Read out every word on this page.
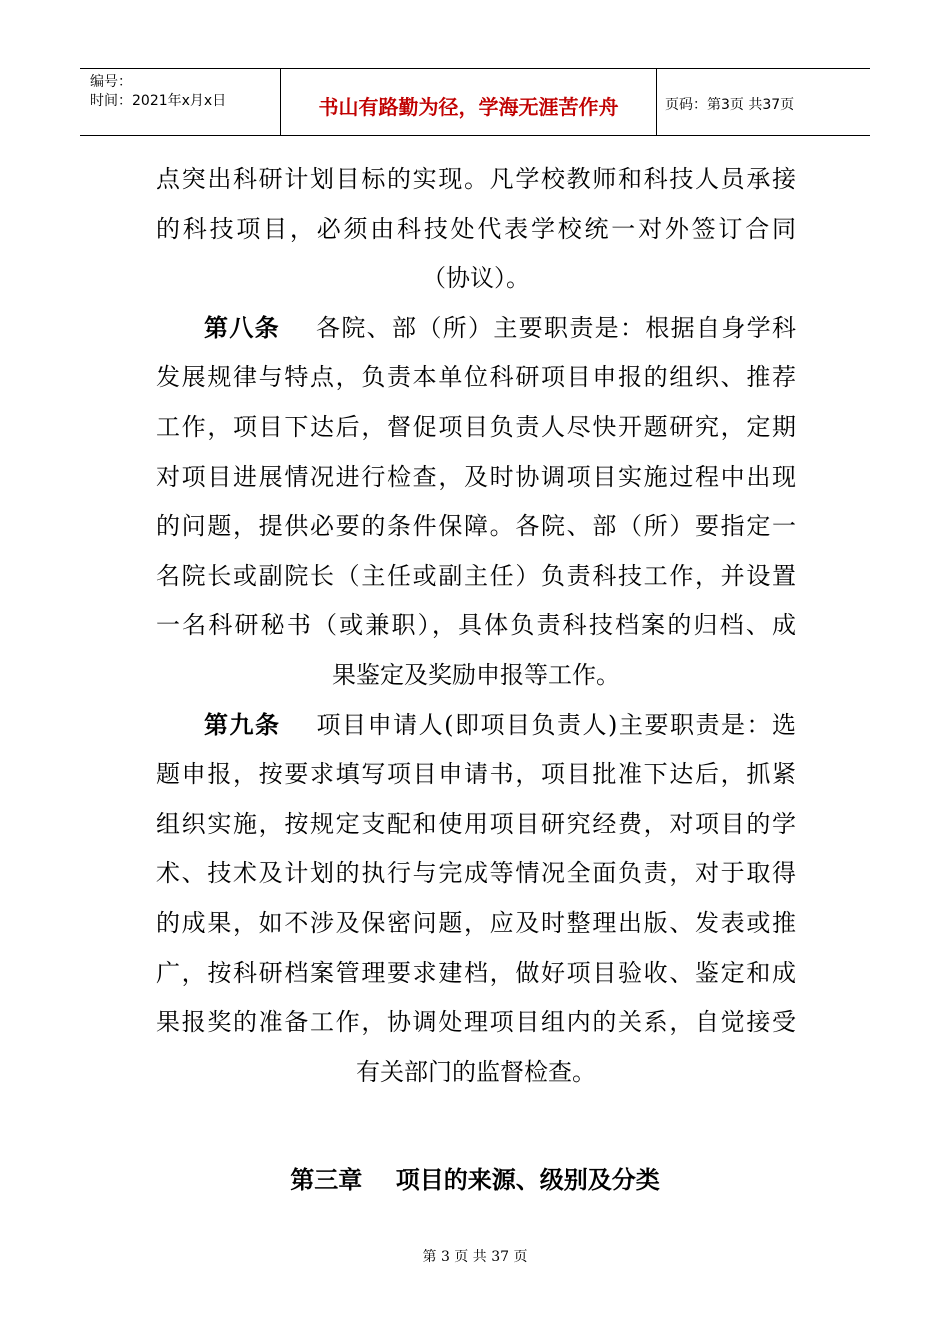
编号：
时间：2021年x月x日	书山有路勤为径，学海无涯苦作舟	页码：第3页 共37页
点突出科研计划目标的实现。凡学校教师和科技人员承接
的科技项目，必须由科技处代表学校统一对外签订合同
（协议）。
第八条 各院、部（所）主要职责是：根据自身学科
发展规律与特点，负责本单位科研项目申报的组织、推荐
工作，项目下达后，督促项目负责人尽快开题研究，定期
对项目进展情况进行检查，及时协调项目实施过程中出现
的问题，提供必要的条件保障。各院、部（所）要指定一
名院长或副院长（主任或副主任）负责科技工作，并设置
一名科研秘书（或兼职），具体负责科技档案的归档、成
果鉴定及奖励申报等工作。
第九条 项目申请人(即项目负责人)主要职责是：选
题申报，按要求填写项目申请书，项目批准下达后，抓紧
组织实施，按规定支配和使用项目研究经费，对项目的学
术、技术及计划的执行与完成等情况全面负责，对于取得
的成果，如不涉及保密问题，应及时整理出版、发表或推
广，按科研档案管理要求建档，做好项目验收、鉴定和成
果报奖的准备工作，协调处理项目组内的关系，自觉接受
有关部门的监督检查。
第三章    项目的来源、级别及分类
第 3 页 共 37 页
